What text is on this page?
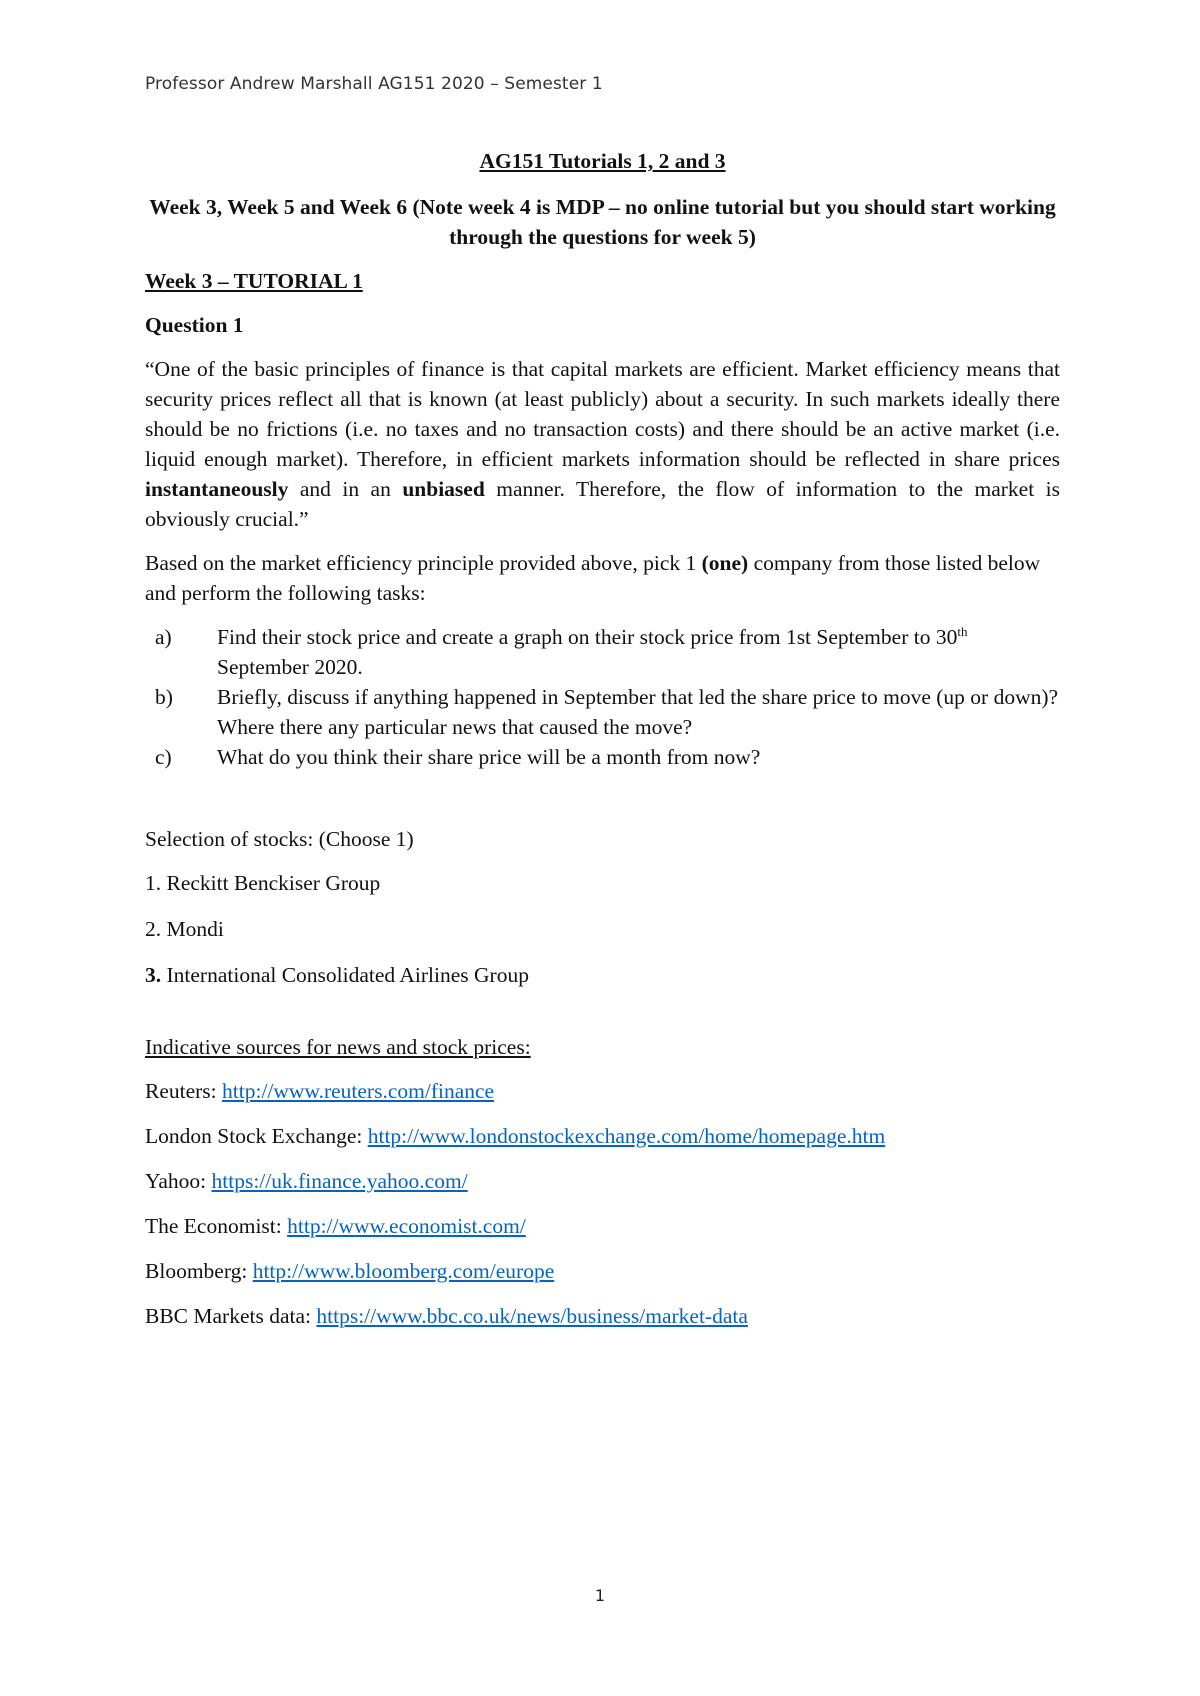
Professor Andrew Marshall AG151 2020 – Semester 1

AG151 Tutorials 1, 2 and 3

Week 3, Week 5 and Week 6 (Note week 4 is MDP – no online tutorial but you should start working through the questions for week 5)

Week 3 – TUTORIAL 1

Question 1

“One of the basic principles of finance is that capital markets are efficient. Market efficiency means that security prices reflect all that is known (at least publicly) about a security. In such markets ideally there should be no frictions (i.e. no taxes and no transaction costs) and there should be an active market (i.e. liquid enough market). Therefore, in efficient markets information should be reflected in share prices instantaneously and in an unbiased manner. Therefore, the flow of information to the market is obviously crucial.”

Based on the market efficiency principle provided above, pick 1 (one) company from those listed below and perform the following tasks:

a)	Find their stock price and create a graph on their stock price from 1st September to 30th September 2020.
b)	Briefly, discuss if anything happened in September that led the share price to move (up or down)? Where there any particular news that caused the move?
c)	What do you think their share price will be a month from now?

Selection of stocks: (Choose 1)

1. Reckitt Benckiser Group

2. Mondi

3. International Consolidated Airlines Group

Indicative sources for news and stock prices:

Reuters: http://www.reuters.com/finance

London Stock Exchange: http://www.londonstockexchange.com/home/homepage.htm

Yahoo: https://uk.finance.yahoo.com/

The Economist: http://www.economist.com/

Bloomberg: http://www.bloomberg.com/europe

BBC Markets data: https://www.bbc.co.uk/news/business/market-data

1
